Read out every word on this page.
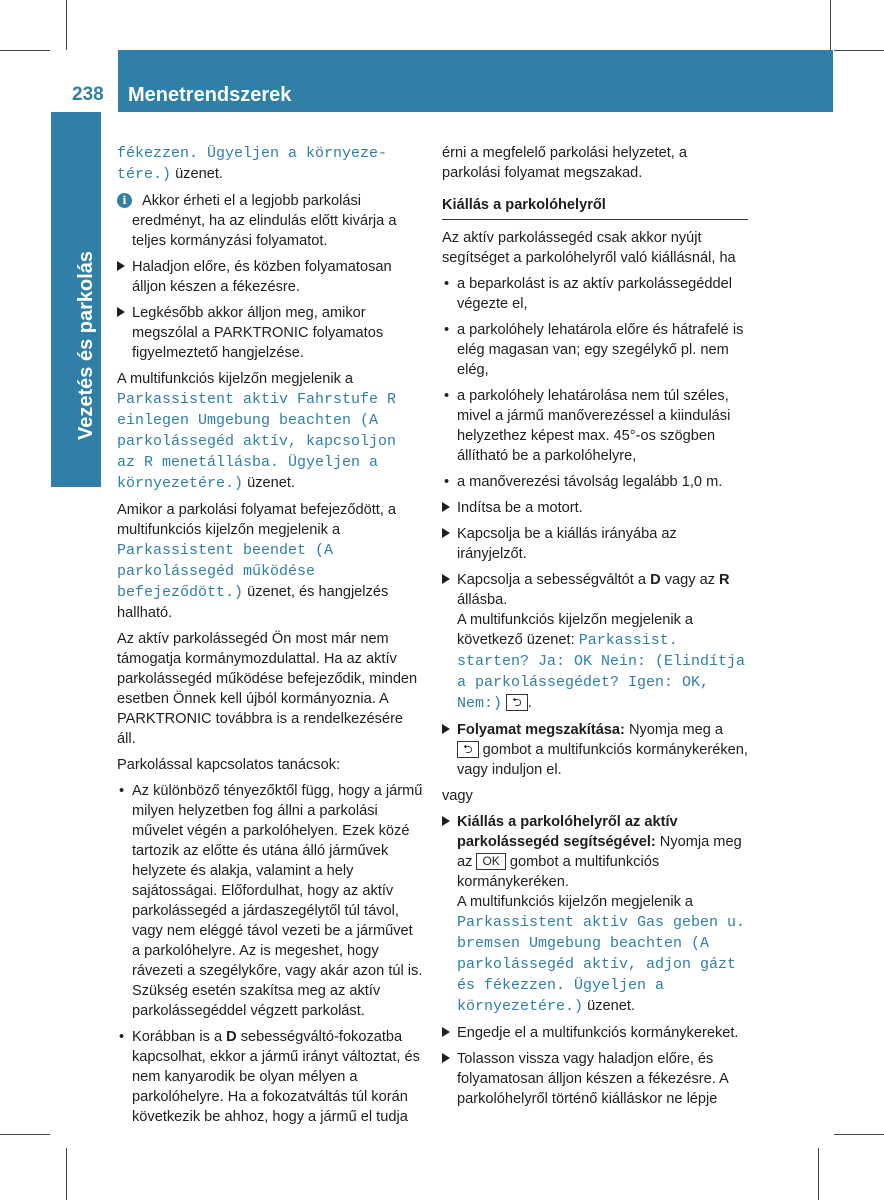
238 Menetrendszerek
Vezetés és parkolás

fékezzen. Ügyeljen a környeze-
tére.) üzenet.

i	Akkor érheti el a legjobb parkolási eredményt, ha az elindulás előtt kivárja a teljes kormányzási folyamatot.
Haladjon előre, és közben folyamatosan álljon készen a fékezésre.
Legkésőbb akkor álljon meg, amikor megszólal a PARKTRONIC folyamatos figyelmeztető hangjelzése.

A multifunkciós kijelzőn megjelenik a Parkassistent aktiv Fahrstufe R einlegen Umgebung beachten (A parkolássegéd aktív, kapcsoljon az R menetállásba. Ügyeljen a környezetére.) üzenet.

Amikor a parkolási folyamat befejeződött, a multifunkciós kijelzőn megjelenik a Parkassistent beendet (A parkolássegéd működése befejeződött.) üzenet, és hangjelzés hallható.

Az aktív parkolássegéd Ön most már nem támogatja kormánymozdulattal. Ha az aktív parkolássegéd működése befejeződik, minden esetben Önnek kell újból kormányoznia. A PARKTRONIC továbbra is a rendelkezésére áll.

Parkolással kapcsolatos tanácsok:

• Az különböző tényezőktől függ, hogy a jármű milyen helyzetben fog állni a parkolási művelet végén a parkolóhelyen. Ezek közé tartozik az előtte és utána álló járművek helyzete és alakja, valamint a hely sajátosságai. Előfordulhat, hogy az aktív parkolássegéd a járdaszegélytől túl távol, vagy nem eléggé távol vezeti be a járművet a parkolóhelyre. Az is megeshet, hogy rávezeti a szegélykőre, vagy akár azon túl is. Szükség esetén szakítsa meg az aktív parkolássegéddel végzett parkolást.
• Korábban is a D sebességváltó-fokozatba kapcsolhat, ekkor a jármű irányt változtat, és nem kanyarodik be olyan mélyen a parkolóhelyre. Ha a fokozatváltás túl korán következik be ahhoz, hogy a jármű el tudja

érni a megfelelő parkolási helyzetet, a parkolási folyamat megszakad.

Kiállás a parkolóhelyről

Az aktív parkolássegéd csak akkor nyújt segítséget a parkolóhelyről való kiállásnál, ha

• a beparkolást is az aktív parkolássegéddel végezte el,
• a parkolóhely lehatárola előre és hátrafelé is elég magasan van; egy szegélykő pl. nem elég,
• a parkolóhely lehatárolása nem túl széles, mivel a jármű manőverezéssel a kiindulási helyzethez képest max. 45°-os szögben állítható be a parkolóhelyre,
• a manőverezési távolság legalább 1,0 m.
Indítsa be a motort.
Kapcsolja be a kiállás irányába az irányjelzőt.
Kapcsolja a sebességváltót a D vagy az R állásba.
A multifunkciós kijelzőn megjelenik a következő üzenet: Parkassist. starten? Ja: OK Nein: (Elindítja a parkolássegédet? Igen: OK, Nem:) ⮌ .
Folyamat megszakítása: Nyomja meg a
⮌ gombot a multifunkciós kormánykeréken, vagy induljon el.

vagy

Kiállás a parkolóhelyről az aktív parkolássegéd segítségével: Nyomja meg az OK gombot a multifunkciós kormánykeréken.
A multifunkciós kijelzőn megjelenik a Parkassistent aktiv Gas geben u. bremsen Umgebung beachten (A parkolássegéd aktív, adjon gázt és fékezzen. Ügyeljen a környezetére.) üzenet.
Engedje el a multifunkciós kormánykereket.
Tolasson vissza vagy haladjon előre, és folyamatosan álljon készen a fékezésre. A parkolóhelyről történő kiálláskor ne lépje
